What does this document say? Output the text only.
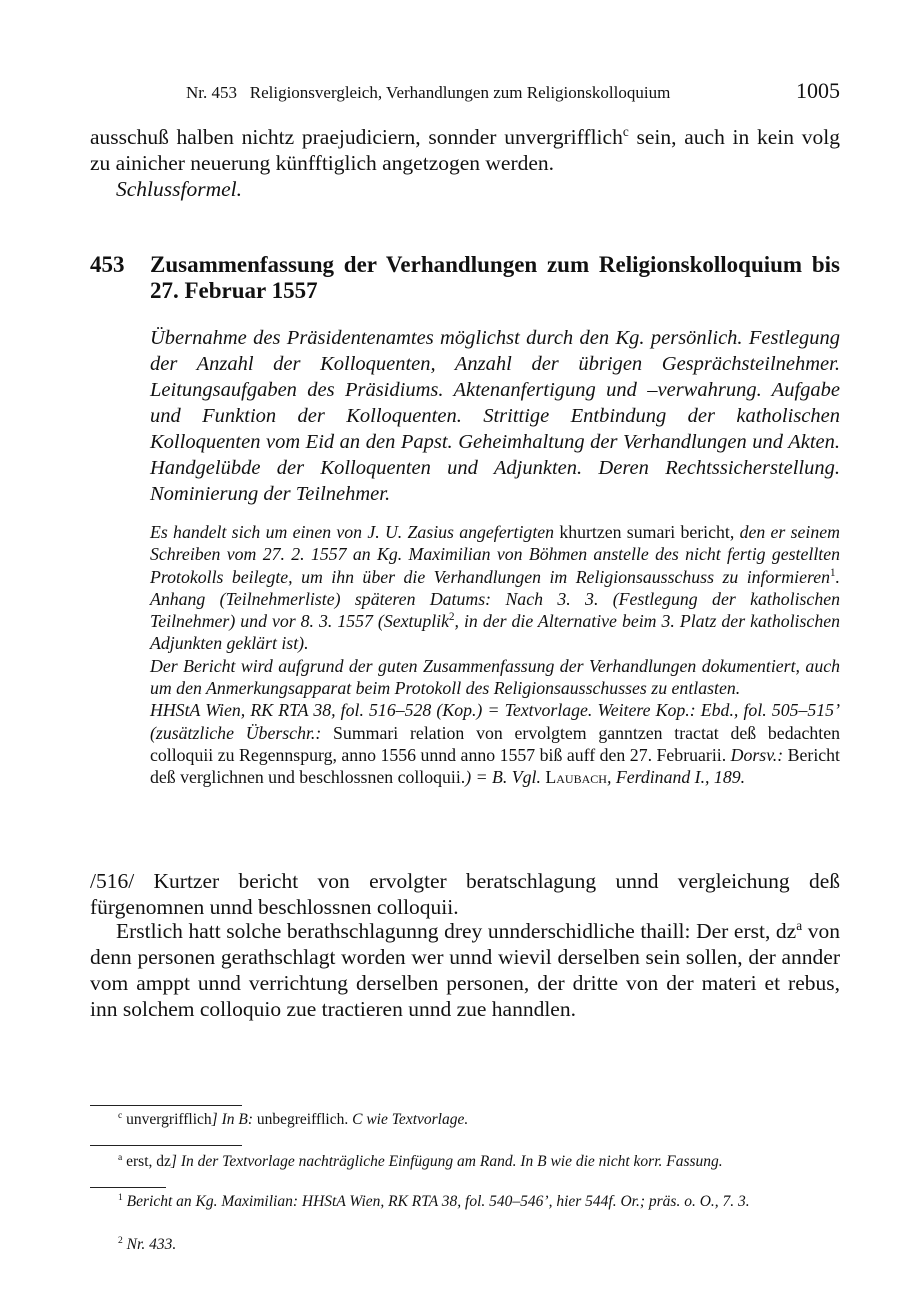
Nr. 453   Religionsvergleich, Verhandlungen zum Religionskolloquium	1005
ausschuß halben nichtz praejudiciern, sonnder unvergrifflich$^c$ sein, auch in kein volg zu ainicher neuerung künfftiglich angetzogen werden.
Schlussformel.
453 Zusammenfassung der Verhandlungen zum Religionskolloquium bis 27. Februar 1557
Übernahme des Präsidentenamtes möglichst durch den Kg. persönlich. Festlegung der Anzahl der Kolloquenten, Anzahl der übrigen Gesprächsteilnehmer. Leitungsaufgaben des Präsidiums. Aktenanfertigung und –verwahrung. Aufgabe und Funktion der Kolloquenten. Strittige Entbindung der katholischen Kolloquenten vom Eid an den Papst. Geheimhaltung der Verhandlungen und Akten. Handgelübde der Kolloquenten und Adjunkten. Deren Rechtssicherstellung. Nominierung der Teilnehmer.
Es handelt sich um einen von J. U. Zasius angefertigten khurtzen sumari bericht, den er seinem Schreiben vom 27. 2. 1557 an Kg. Maximilian von Böhmen anstelle des nicht fertig gestellten Protokolls beilegte, um ihn über die Verhandlungen im Religionsausschuss zu informieren$^1$. Anhang (Teilnehmerliste) späteren Datums: Nach 3. 3. (Festlegung der katholischen Teilnehmer) und vor 8. 3. 1557 (Sextuplik$^2$, in der die Alternative beim 3. Platz der katholischen Adjunkten geklärt ist).
Der Bericht wird aufgrund der guten Zusammenfassung der Verhandlungen dokumentiert, auch um den Anmerkungsapparat beim Protokoll des Religionsausschusses zu entlasten.
HHStA Wien, RK RTA 38, fol. 516–528 (Kop.) = Textvorlage. Weitere Kop.: Ebd., fol. 505–515’ (zusätzliche Überschr.: Summari relation von ervolgtem ganntzen tractat deß bedachten colloquii zu Regennspurg, anno 1556 unnd anno 1557 biß auff den 27. Februarii. Dorsv.: Bericht deß verglichnen und beschlossnen colloquii.) = B. Vgl. Laubach, Ferdinand I., 189.
/516/ Kurtzer bericht von ervolgter beratschlagung unnd vergleichung deß fürgenomnen unnd beschlossnen colloquii.
Erstlich hatt solche berathschlagunng drey unnderschidliche thaill: Der erst, $dz^a$ von denn personen gerathschlagt worden wer unnd wievil derselben sein sollen, der annder vom amppt unnd verrichtung derselben personen, der dritte von der materi et rebus, inn solchem colloquio zue tractieren unnd zue hanndlen.
$^c$ unvergrifflich] In B: unbegreifflich. C wie Textvorlage.
$^a$ erst, dz] In der Textvorlage nachträgliche Einfügung am Rand. In B wie die nicht korr. Fassung.
$^1$ Bericht an Kg. Maximilian: HHStA Wien, RK RTA 38, fol. 540–546’, hier 544f. Or.; präs. o. O., 7. 3.
$^2$ Nr. 433.
